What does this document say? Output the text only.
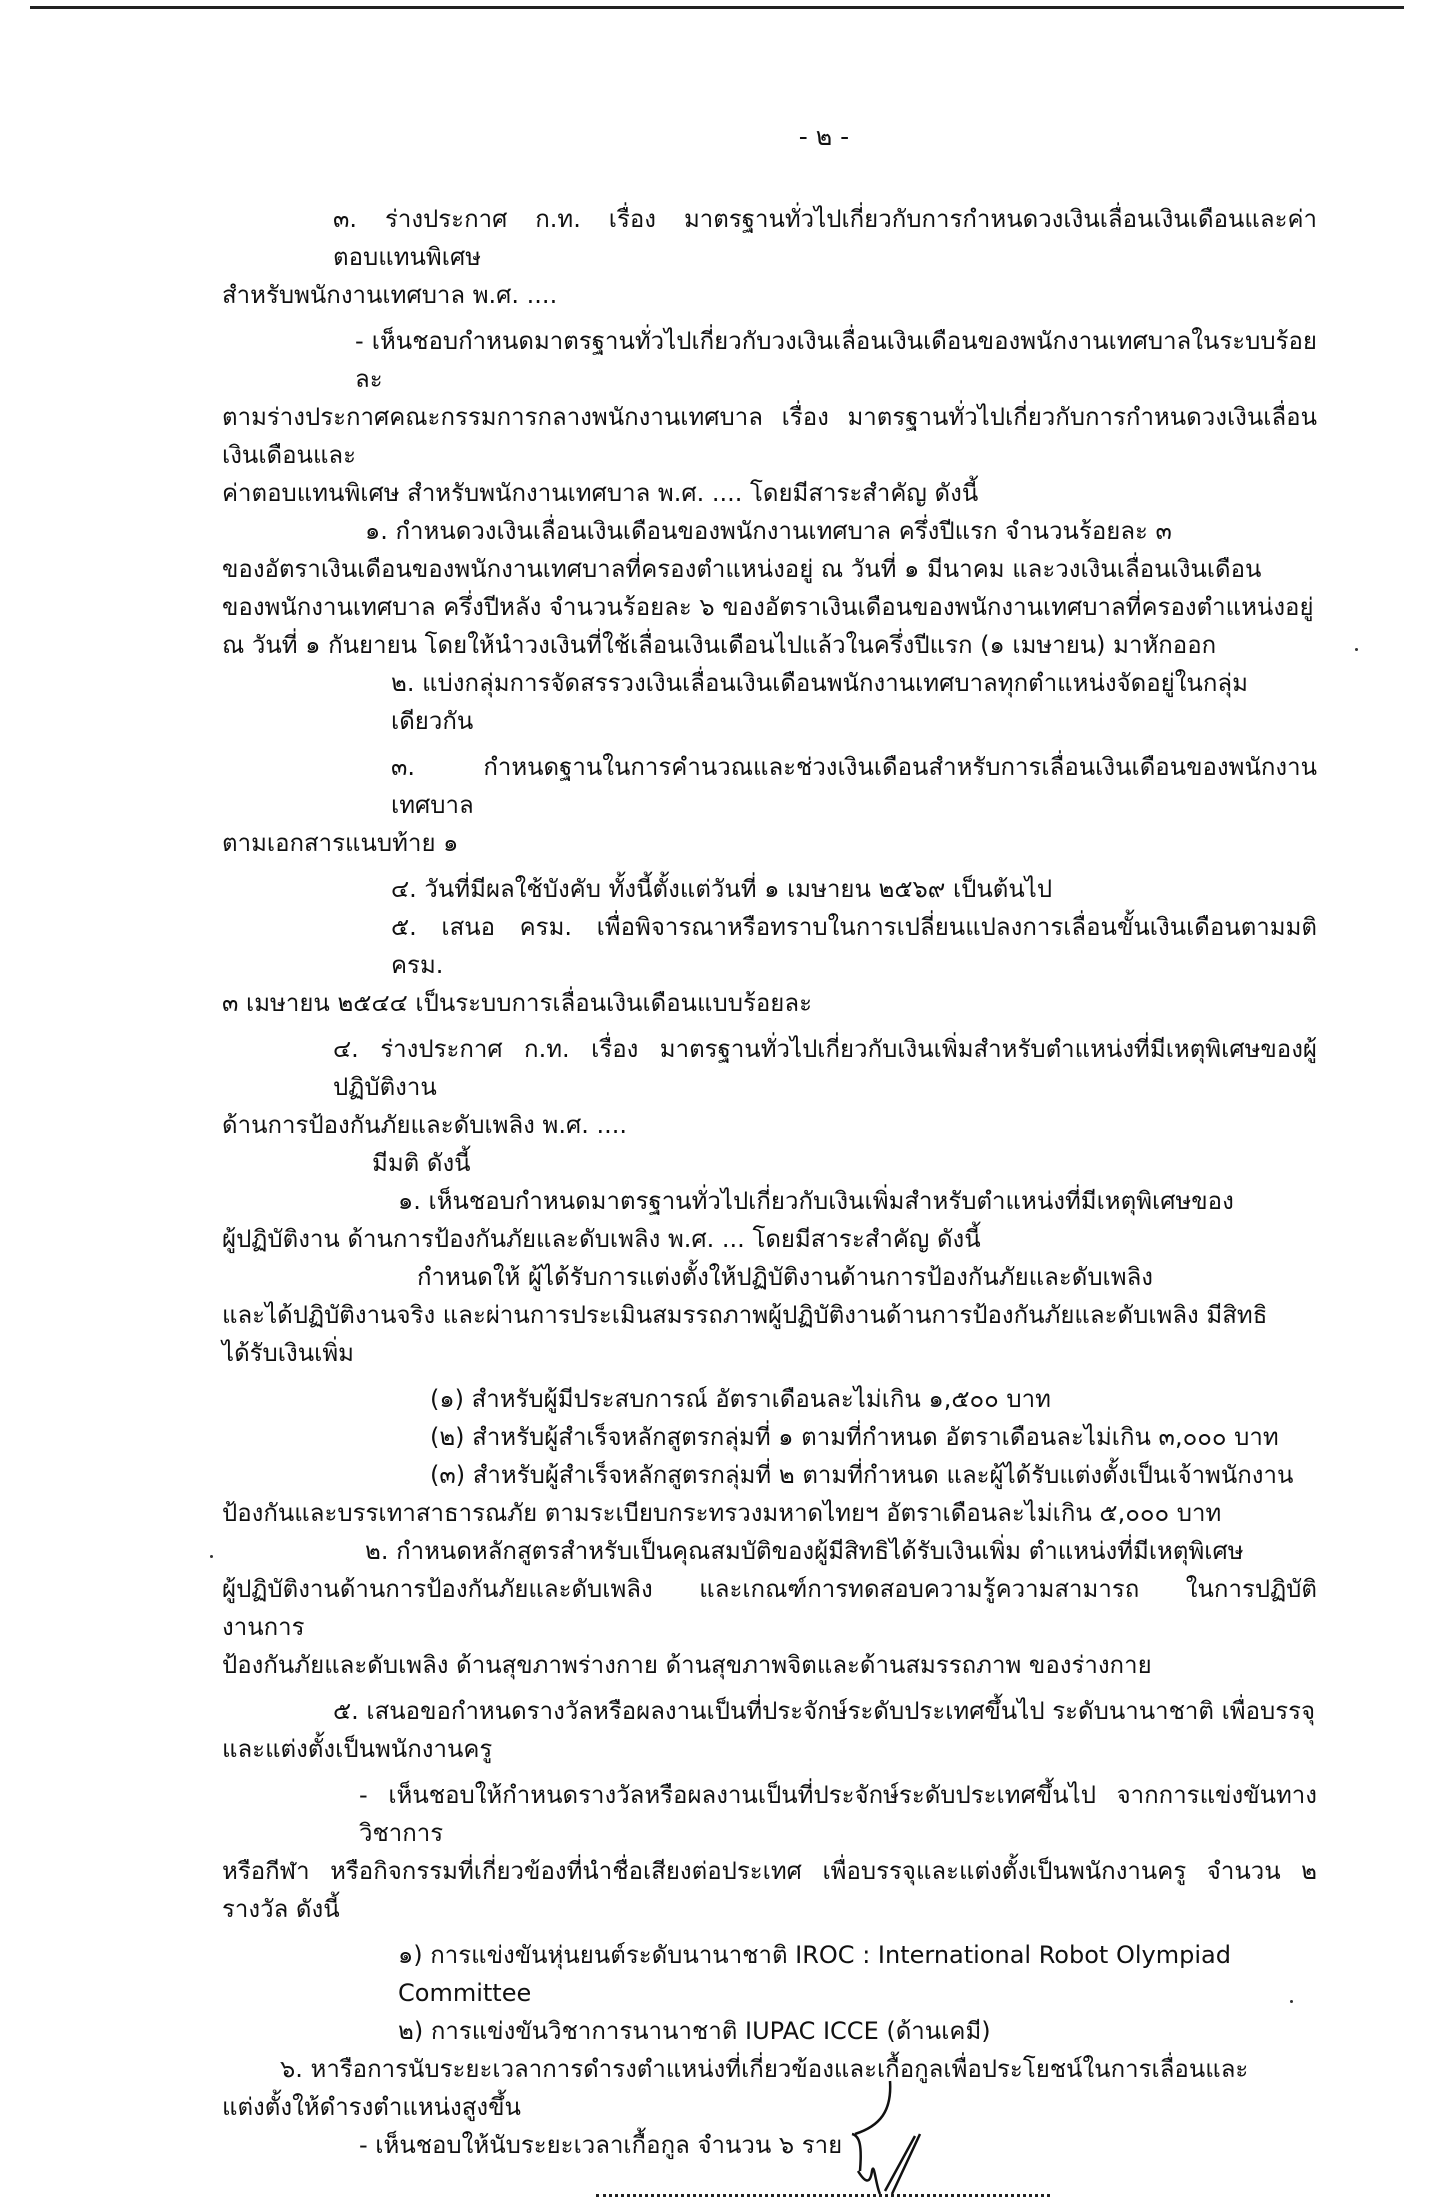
- ๒ -
๓. ร่างประกาศ ก.ท. เรื่อง มาตรฐานทั่วไปเกี่ยวกับการกำหนดวงเงินเลื่อนเงินเดือนและค่าตอบแทนพิเศษ
สำหรับพนักงานเทศบาล พ.ศ. ....
- เห็นชอบกำหนดมาตรฐานทั่วไปเกี่ยวกับวงเงินเลื่อนเงินเดือนของพนักงานเทศบาลในระบบร้อยละ
ตามร่างประกาศคณะกรรมการกลางพนักงานเทศบาล เรื่อง มาตรฐานทั่วไปเกี่ยวกับการกำหนดวงเงินเลื่อนเงินเดือนและ
ค่าตอบแทนพิเศษ สำหรับพนักงานเทศบาล พ.ศ. .... โดยมีสาระสำคัญ ดังนี้
๑. กำหนดวงเงินเลื่อนเงินเดือนของพนักงานเทศบาล ครึ่งปีแรก จำนวนร้อยละ ๓
ของอัตราเงินเดือนของพนักงานเทศบาลที่ครองตำแหน่งอยู่ ณ วันที่ ๑ มีนาคม และวงเงินเลื่อนเงินเดือน
ของพนักงานเทศบาล ครึ่งปีหลัง จำนวนร้อยละ ๖ ของอัตราเงินเดือนของพนักงานเทศบาลที่ครองตำแหน่งอยู่
ณ วันที่ ๑ กันยายน โดยให้นำวงเงินที่ใช้เลื่อนเงินเดือนไปแล้วในครึ่งปีแรก (๑ เมษายน) มาหักออก
๒. แบ่งกลุ่มการจัดสรรวงเงินเลื่อนเงินเดือนพนักงานเทศบาลทุกตำแหน่งจัดอยู่ในกลุ่มเดียวกัน
๓. กำหนดฐานในการคำนวณและช่วงเงินเดือนสำหรับการเลื่อนเงินเดือนของพนักงานเทศบาล
ตามเอกสารแนบท้าย ๑
๔. วันที่มีผลใช้บังคับ ทั้งนี้ตั้งแต่วันที่ ๑ เมษายน ๒๕๖๙ เป็นต้นไป
๕. เสนอ ครม. เพื่อพิจารณาหรือทราบในการเปลี่ยนแปลงการเลื่อนขั้นเงินเดือนตามมติ ครม.
๓ เมษายน ๒๕๔๔ เป็นระบบการเลื่อนเงินเดือนแบบร้อยละ
๔. ร่างประกาศ ก.ท. เรื่อง มาตรฐานทั่วไปเกี่ยวกับเงินเพิ่มสำหรับตำแหน่งที่มีเหตุพิเศษของผู้ปฏิบัติงาน
ด้านการป้องกันภัยและดับเพลิง พ.ศ. ....
มีมติ ดังนี้
๑. เห็นชอบกำหนดมาตรฐานทั่วไปเกี่ยวกับเงินเพิ่มสำหรับตำแหน่งที่มีเหตุพิเศษของ
ผู้ปฏิบัติงาน ด้านการป้องกันภัยและดับเพลิง พ.ศ. ... โดยมีสาระสำคัญ ดังนี้
กำหนดให้ ผู้ได้รับการแต่งตั้งให้ปฏิบัติงานด้านการป้องกันภัยและดับเพลิง
และได้ปฏิบัติงานจริง และผ่านการประเมินสมรรถภาพผู้ปฏิบัติงานด้านการป้องกันภัยและดับเพลิง มีสิทธิ
ได้รับเงินเพิ่ม
(๑) สำหรับผู้มีประสบการณ์ อัตราเดือนละไม่เกิน ๑,๕๐๐ บาท
(๒) สำหรับผู้สำเร็จหลักสูตรกลุ่มที่ ๑ ตามที่กำหนด อัตราเดือนละไม่เกิน ๓,๐๐๐ บาท
(๓) สำหรับผู้สำเร็จหลักสูตรกลุ่มที่ ๒ ตามที่กำหนด และผู้ได้รับแต่งตั้งเป็นเจ้าพนักงาน
ป้องกันและบรรเทาสาธารณภัย ตามระเบียบกระทรวงมหาดไทยฯ อัตราเดือนละไม่เกิน ๕,๐๐๐ บาท
๒. กำหนดหลักสูตรสำหรับเป็นคุณสมบัติของผู้มีสิทธิได้รับเงินเพิ่ม ตำแหน่งที่มีเหตุพิเศษ
ผู้ปฏิบัติงานด้านการป้องกันภัยและดับเพลิง และเกณฑ์การทดสอบความรู้ความสามารถ ในการปฏิบัติงานการ
ป้องกันภัยและดับเพลิง ด้านสุขภาพร่างกาย ด้านสุขภาพจิตและด้านสมรรถภาพ ของร่างกาย
๕. เสนอขอกำหนดรางวัลหรือผลงานเป็นที่ประจักษ์ระดับประเทศขึ้นไป ระดับนานาชาติ เพื่อบรรจุ
และแต่งตั้งเป็นพนักงานครู
- เห็นชอบให้กำหนดรางวัลหรือผลงานเป็นที่ประจักษ์ระดับประเทศขึ้นไป จากการแข่งขันทางวิชาการ
หรือกีฬา หรือกิจกรรมที่เกี่ยวข้องที่นำชื่อเสียงต่อประเทศ เพื่อบรรจุและแต่งตั้งเป็นพนักงานครู จำนวน ๒ รางวัล ดังนี้
๑) การแข่งขันหุ่นยนต์ระดับนานาชาติ IROC : International Robot Olympiad Committee
๒) การแข่งขันวิชาการนานาชาติ IUPAC ICCE (ด้านเคมี)
๖. หารือการนับระยะเวลาการดำรงตำแหน่งที่เกี่ยวข้องและเกื้อกูลเพื่อประโยชน์ในการเลื่อนและ
แต่งตั้งให้ดำรงตำแหน่งสูงขึ้น
- เห็นชอบให้นับระยะเวลาเกื้อกูล จำนวน ๖ ราย
